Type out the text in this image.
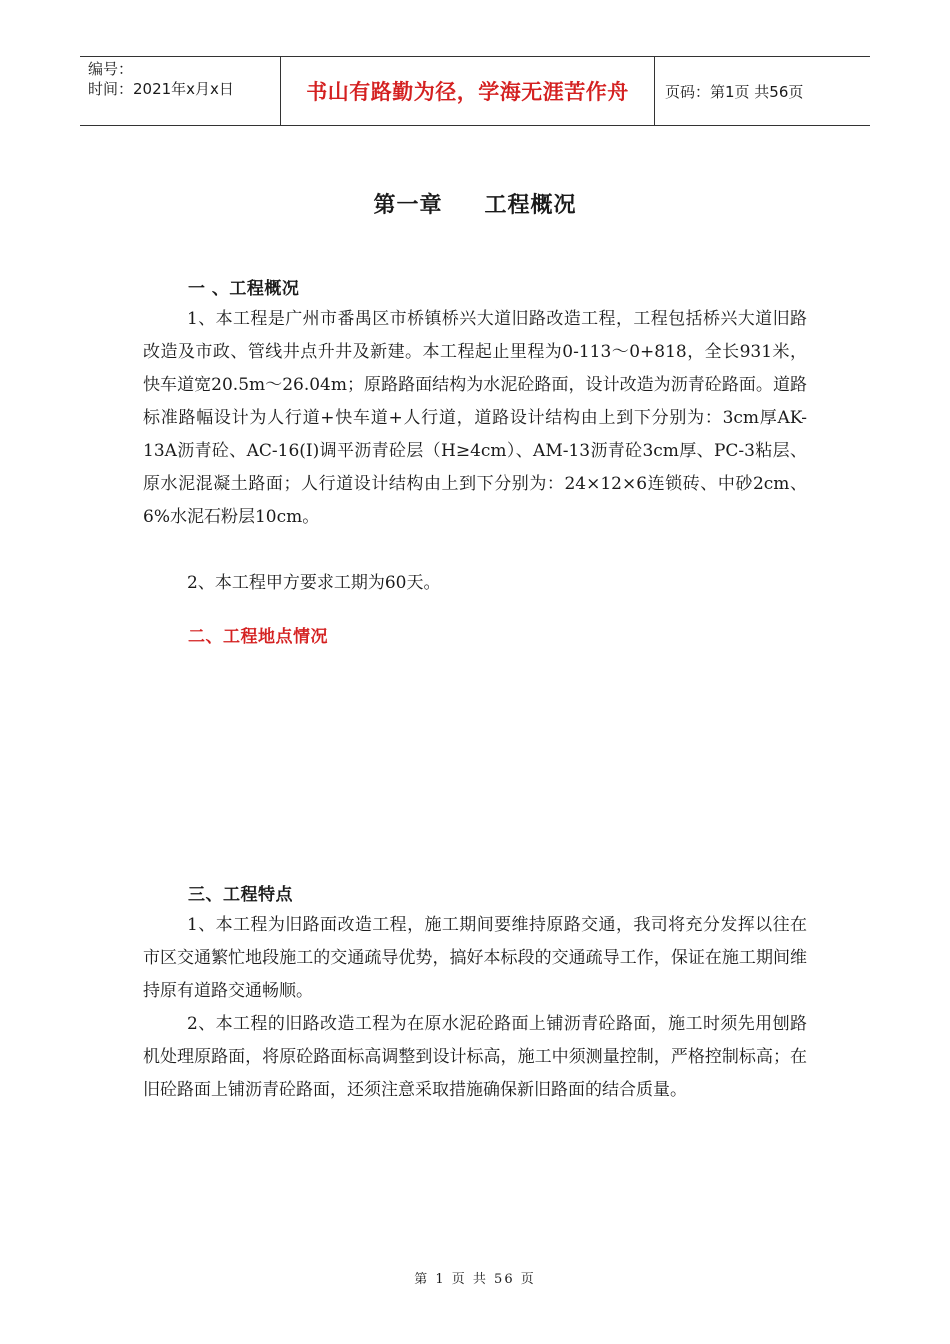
编号：
时间：2021年x月x日	书山有路勤为径，学海无涯苦作舟	页码：第1页 共56页
第一章 工程概况
一 、工程概况

1、本工程是广州市番禺区市桥镇桥兴大道旧路改造工程，工程包括桥兴大道旧路改造及市政、管线井点升井及新建。本工程起止里程为0-113～0+818，全长931米，快车道宽20.5m～26.04m；原路路面结构为水泥砼路面，设计改造为沥青砼路面。道路标准路幅设计为人行道+快车道+人行道，道路设计结构由上到下分别为：3cm厚AK-13A沥青砼、AC-16(I)调平沥青砼层（H≥4cm）、AM-13沥青砼3cm厚、PC-3粘层、原水泥混凝土路面；人行道设计结构由上到下分别为：24×12×6连锁砖、中砂2cm、6%水泥石粉层10cm。

2、本工程甲方要求工期为60天。

二、工程地点情况
三、工程特点

1、本工程为旧路面改造工程，施工期间要维持原路交通，我司将充分发挥以往在市区交通繁忙地段施工的交通疏导优势，搞好本标段的交通疏导工作，保证在施工期间维持原有道路交通畅顺。

2、本工程的旧路改造工程为在原水泥砼路面上铺沥青砼路面，施工时须先用刨路机处理原路面，将原砼路面标高调整到设计标高，施工中须测量控制，严格控制标高；在旧砼路面上铺沥青砼路面，还须注意采取措施确保新旧路面的结合质量。

第 1 页 共 56 页
